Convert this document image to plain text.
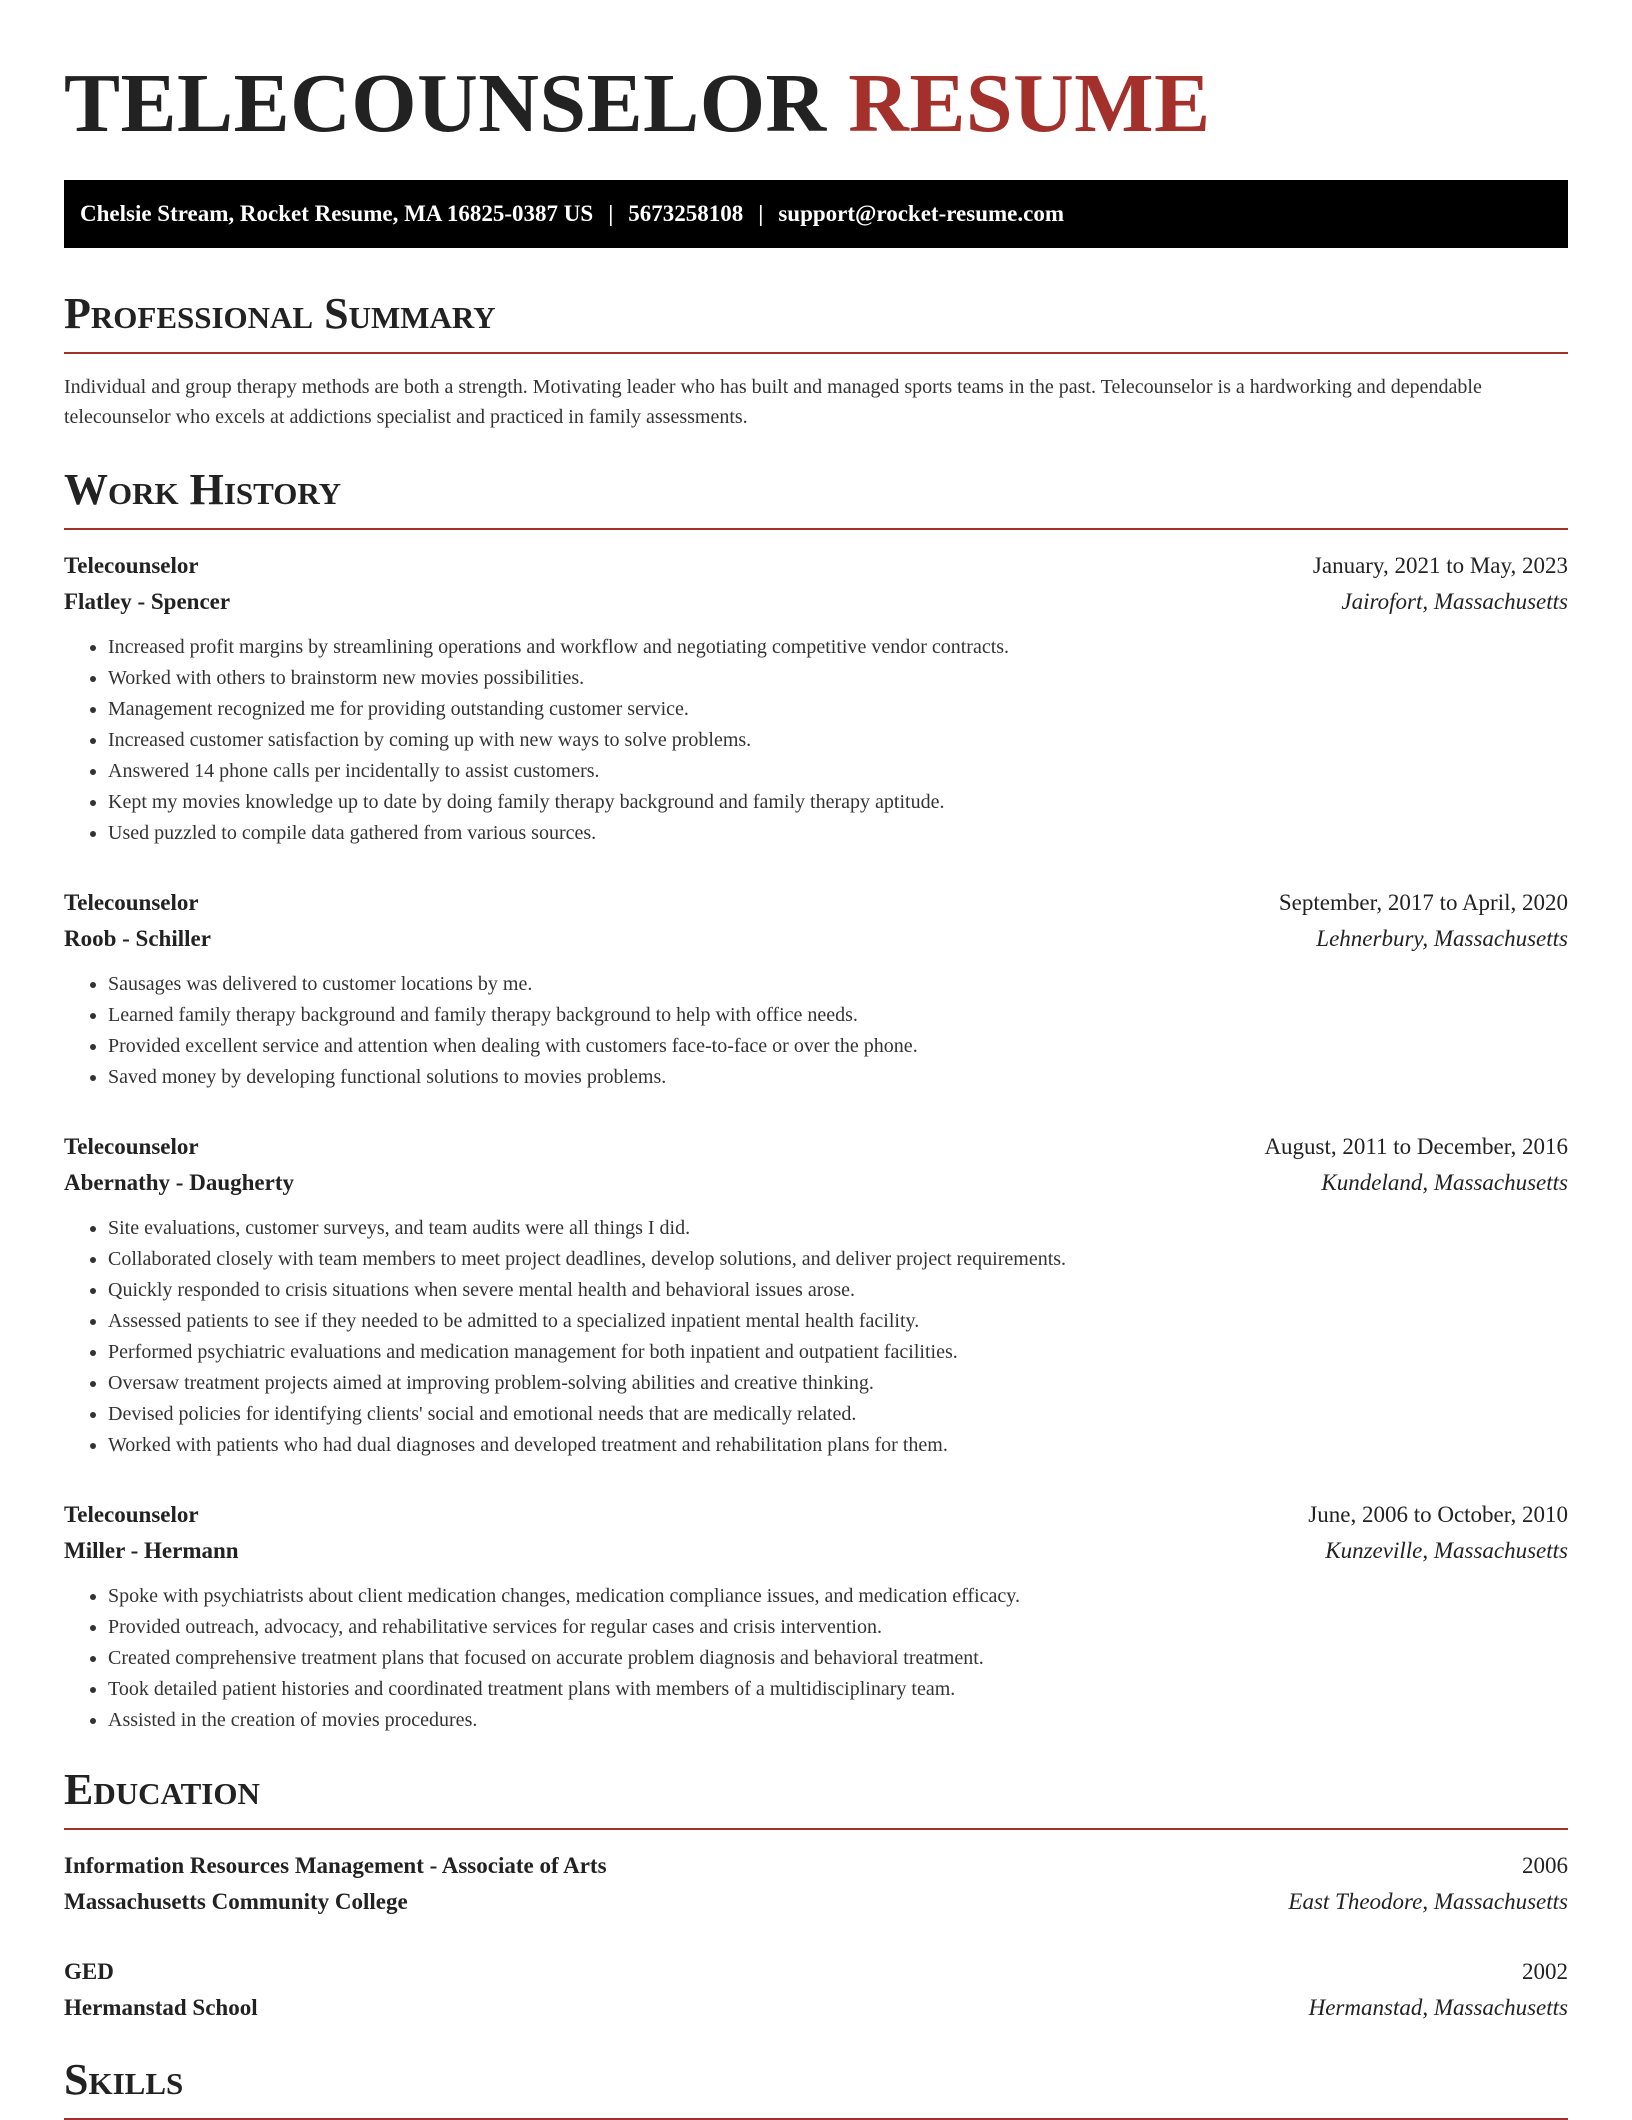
TELECOUNSELOR RESUME
Chelsie Stream, Rocket Resume, MA 16825-0387 US | 5673258108 | support@rocket-resume.com
Professional Summary

Individual and group therapy methods are both a strength. Motivating leader who has built and managed sports teams in the past. Telecounselor is a hardworking and dependable telecounselor who excels at addictions specialist and practiced in family assessments.

Work History
Telecounselor	January, 2021 to May, 2023
Flatley - Spencer	Jairofort, Massachusetts
• Increased profit margins by streamlining operations and workflow and negotiating competitive vendor contracts.
• Worked with others to brainstorm new movies possibilities.
• Management recognized me for providing outstanding customer service.
• Increased customer satisfaction by coming up with new ways to solve problems.
• Answered 14 phone calls per incidentally to assist customers.
• Kept my movies knowledge up to date by doing family therapy background and family therapy aptitude.
• Used puzzled to compile data gathered from various sources.
Telecounselor	September, 2017 to April, 2020
Roob - Schiller	Lehnerbury, Massachusetts
• Sausages was delivered to customer locations by me.
• Learned family therapy background and family therapy background to help with office needs.
• Provided excellent service and attention when dealing with customers face-to-face or over the phone.
• Saved money by developing functional solutions to movies problems.
Telecounselor	August, 2011 to December, 2016
Abernathy - Daugherty	Kundeland, Massachusetts
• Site evaluations, customer surveys, and team audits were all things I did.
• Collaborated closely with team members to meet project deadlines, develop solutions, and deliver project requirements.
• Quickly responded to crisis situations when severe mental health and behavioral issues arose.
• Assessed patients to see if they needed to be admitted to a specialized inpatient mental health facility.
• Performed psychiatric evaluations and medication management for both inpatient and outpatient facilities.
• Oversaw treatment projects aimed at improving problem-solving abilities and creative thinking.
• Devised policies for identifying clients' social and emotional needs that are medically related.
• Worked with patients who had dual diagnoses and developed treatment and rehabilitation plans for them.
Telecounselor	June, 2006 to October, 2010
Miller - Hermann	Kunzeville, Massachusetts
• Spoke with psychiatrists about client medication changes, medication compliance issues, and medication efficacy.
• Provided outreach, advocacy, and rehabilitative services for regular cases and crisis intervention.
• Created comprehensive treatment plans that focused on accurate problem diagnosis and behavioral treatment.
• Took detailed patient histories and coordinated treatment plans with members of a multidisciplinary team.
• Assisted in the creation of movies procedures.
Education
Information Resources Management - Associate of Arts	2006
Massachusetts Community College	East Theodore, Massachusetts
GED	2002
Hermanstad School	Hermanstad, Massachusetts
Skills
